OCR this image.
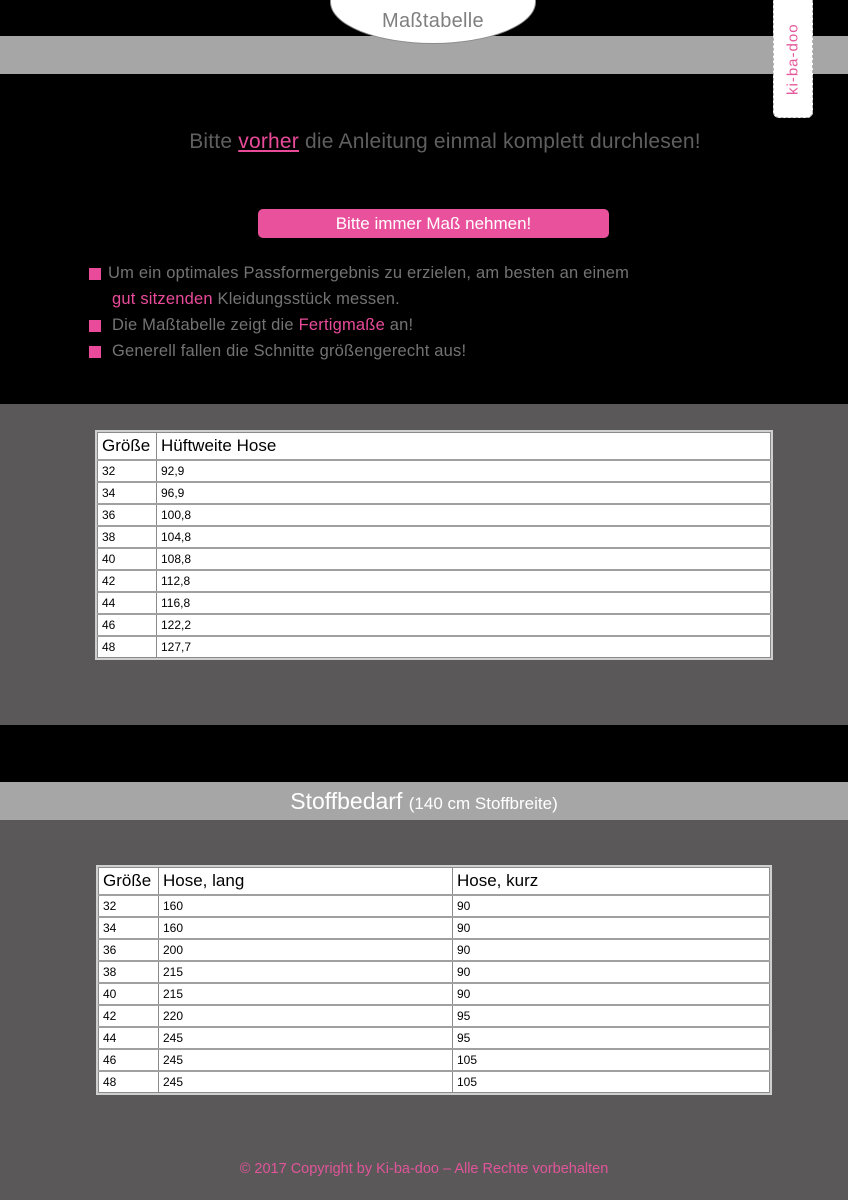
Maßtabelle
ki-ba-doo
Bitte vorher die Anleitung einmal komplett durchlesen!
Bitte immer Maß nehmen!
Um ein optimales Passformergebnis zu erzielen, am besten an einem
gut sitzenden Kleidungsstück messen.
Die Maßtabelle zeigt die Fertigmaße an!
Generell fallen die Schnitte größengerecht aus!
Größe	Hüftweite Hose
32	92,9
34	96,9
36	100,8
38	104,8
40	108,8
42	112,8
44	116,8
46	122,2
48	127,7
Stoffbedarf (140 cm Stoffbreite)
Größe	Hose, lang	Hose, kurz
32	160	90
34	160	90
36	200	90
38	215	90
40	215	90
42	220	95
44	245	95
46	245	105
48	245	105
© 2017 Copyright by Ki-ba-doo – Alle Rechte vorbehalten
